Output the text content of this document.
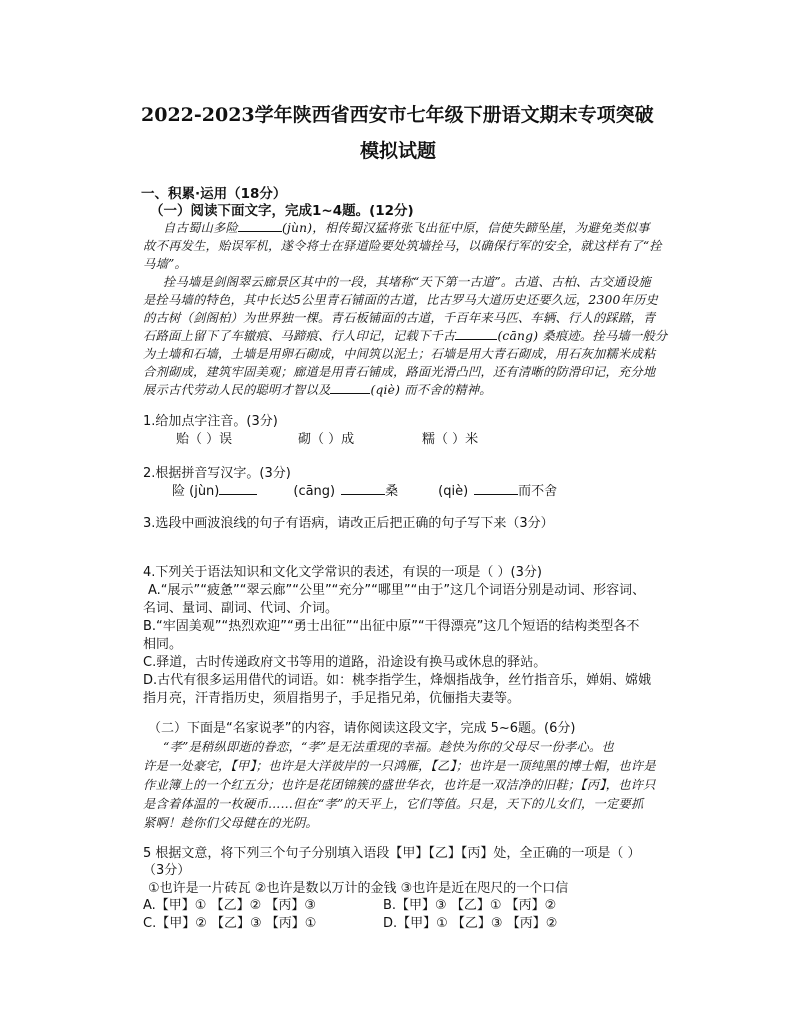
2022-2023学年陕西省西安市七年级下册语文期末专项突破
模拟试题
一、积累·运用（18分）
（一）阅读下面文字，完成1~4题。(12分)
自古蜀山多险	(jùn)，相传蜀汉猛将张飞出征中原，信使失蹄坠崖，为避免类似事
故不再发生，贻误军机，遂令将士在驿道险要处筑墙拴马，以确保行军的安全，就这样有了“拴
马墙”。
拴马墙是剑阁翠云廊景区其中的一段，其堵称“天下第一古道”。古道、古柏、古交通设施
是拴马墙的特色，其中长达5公里青石铺面的古道，比古罗马大道历史还要久远，2300年历史
的古树（剑阁柏）为世界独一棵。青石板铺面的古道，千百年来马匹、车辆、行人的踩踏，青
石路面上留下了车辙痕、马蹄痕、行人印记，记载下千古	(cāng) 桑痕迹。拴马墙一般分
为土墙和石墙，土墙是用卵石砌成，中间筑以泥土；石墙是用大青石砌成，用石灰加糯米成粘
合剂砌成，建筑牢固美观；廊道是用青石铺成，路面光滑凸凹，还有清晰的防滑印记，充分地
展示古代劳动人民的聪明才智以及	(qiè) 而不舍的精神。
1.给加点字注音。(3分)
贻（ ）误	砌（ ）成	糯（ ）米
2.根据拼音写汉字。(3分)
险 (jùn)	(cāng)	桑	(qiè)	而不舍
3.选段中画波浪线的句子有语病，请改正后把正确的句子写下来（3分）
4.下列关于语法知识和文化文学常识的表述，有误的一项是（ ）(3分)
A.“展示”“疲惫”“翠云廊”“公里”“充分”“哪里”“由于”这几个词语分别是动词、形容词、
名词、量词、副词、代词、介词。
B.“牢固美观”“热烈欢迎”“勇士出征”“出征中原”“干得漂亮”这几个短语的结构类型各不
相同。
C.驿道，古时传递政府文书等用的道路，沿途设有换马或休息的驿站。
D.古代有很多运用借代的词语。如：桃李指学生，烽烟指战争，丝竹指音乐，婵娟、嫦娥
指月亮，汗青指历史，须眉指男子，手足指兄弟，伉俪指夫妻等。
（二）下面是“名家说孝”的内容，请你阅读这段文字，完成 5~6题。(6分)
“孝”是稍纵即逝的眷恋，“孝”是无法重现的幸福。趁快为你的父母尽一份孝心。也
许是一处豪宅，【甲】；也许是大洋彼岸的一只鸿雁，【乙】；也许是一顶纯黑的博士帽，也许是
作业簿上的一个红五分；也许是花团锦簇的盛世华衣，也许是一双洁净的旧鞋；【丙】，也许只
是含着体温的一枚硬币……但在“孝”的天平上，它们等值。只是，天下的儿女们，一定要抓
紧啊！趁你们父母健在的光阴。
5 根据文意，将下列三个句子分别填入语段【甲】【乙】【丙】处，全正确的一项是（ ）
（3分）
①也许是一片砖瓦 ②也许是数以万计的金钱 ③也许是近在咫尺的一个口信
A.【甲】① 【乙】② 【丙】③	B.【甲】③ 【乙】① 【丙】②
C.【甲】② 【乙】③ 【丙】①	D.【甲】① 【乙】③ 【丙】②
